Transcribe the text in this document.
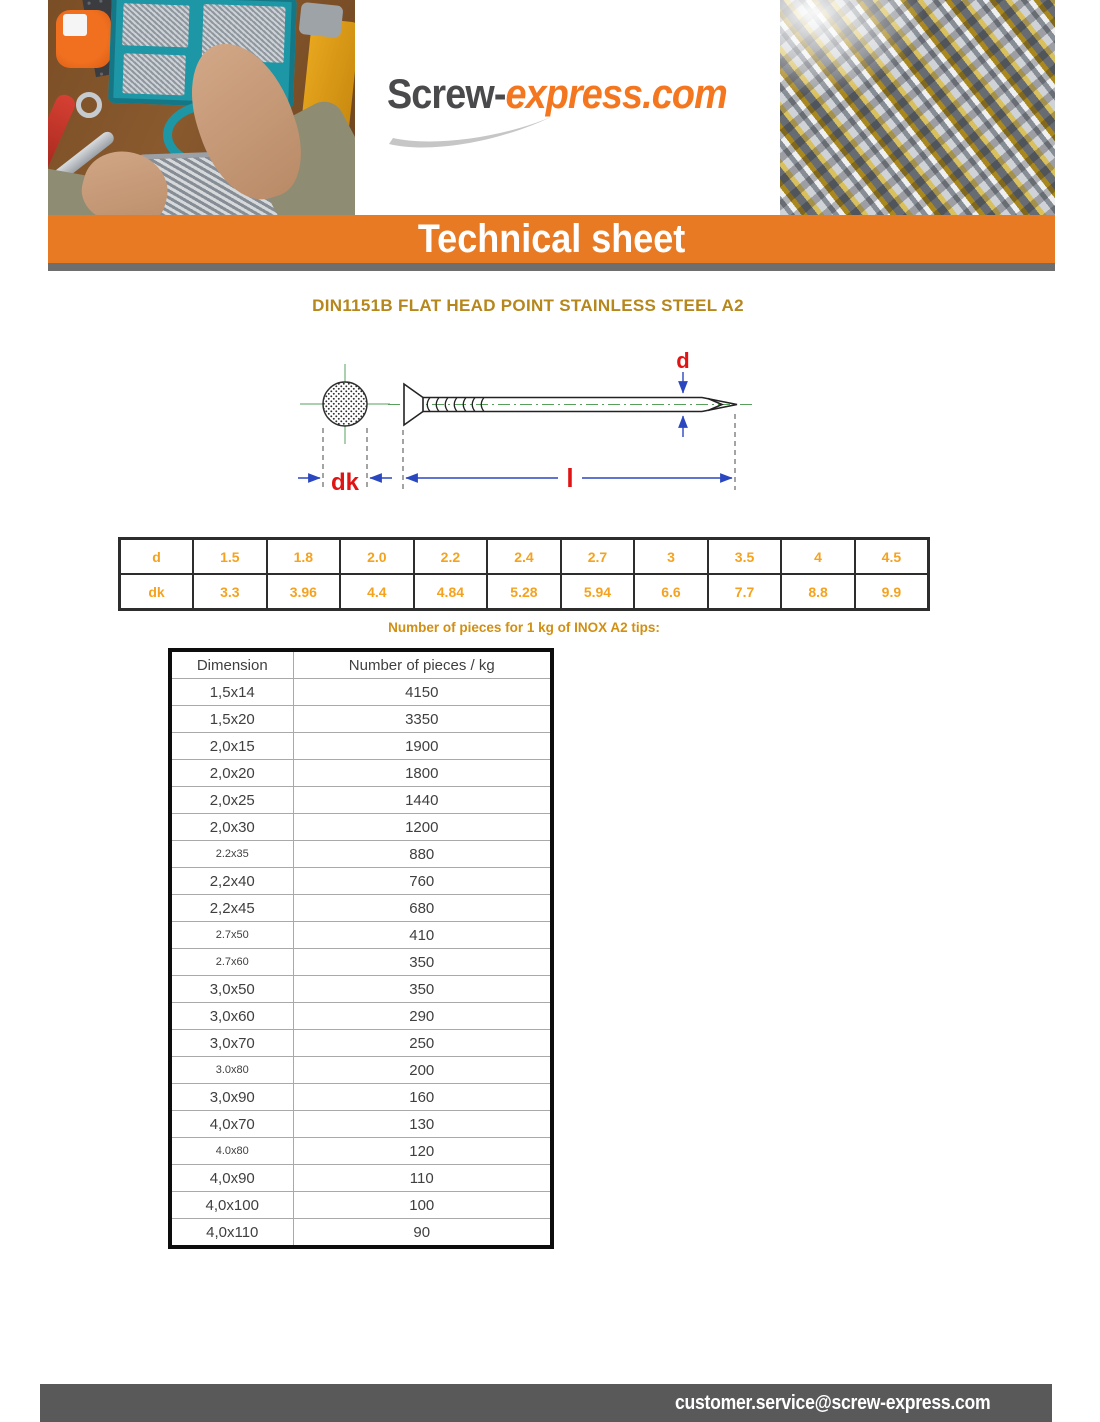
Screw-express.com
Technical sheet
DIN1151B FLAT HEAD POINT STAINLESS STEEL A2
dk
d
l
d	1.5	1.8	2.0	2.2	2.4	2.7	3	3.5	4	4.5
dk	3.3	3.96	4.4	4.84	5.28	5.94	6.6	7.7	8.8	9.9
Number of pieces for 1 kg of INOX A2 tips:
Dimension	Number of pieces / kg
1,5x14	4150
1,5x20	3350
2,0x15	1900
2,0x20	1800
2,0x25	1440
2,0x30	1200
2.2x35	880
2,2x40	760
2,2x45	680
2.7x50	410
2.7x60	350
3,0x50	350
3,0x60	290
3,0x70	250
3.0x80	200
3,0x90	160
4,0x70	130
4.0x80	120
4,0x90	110
4,0x100	100
4,0x110	90
customer.service@screw-express.com
